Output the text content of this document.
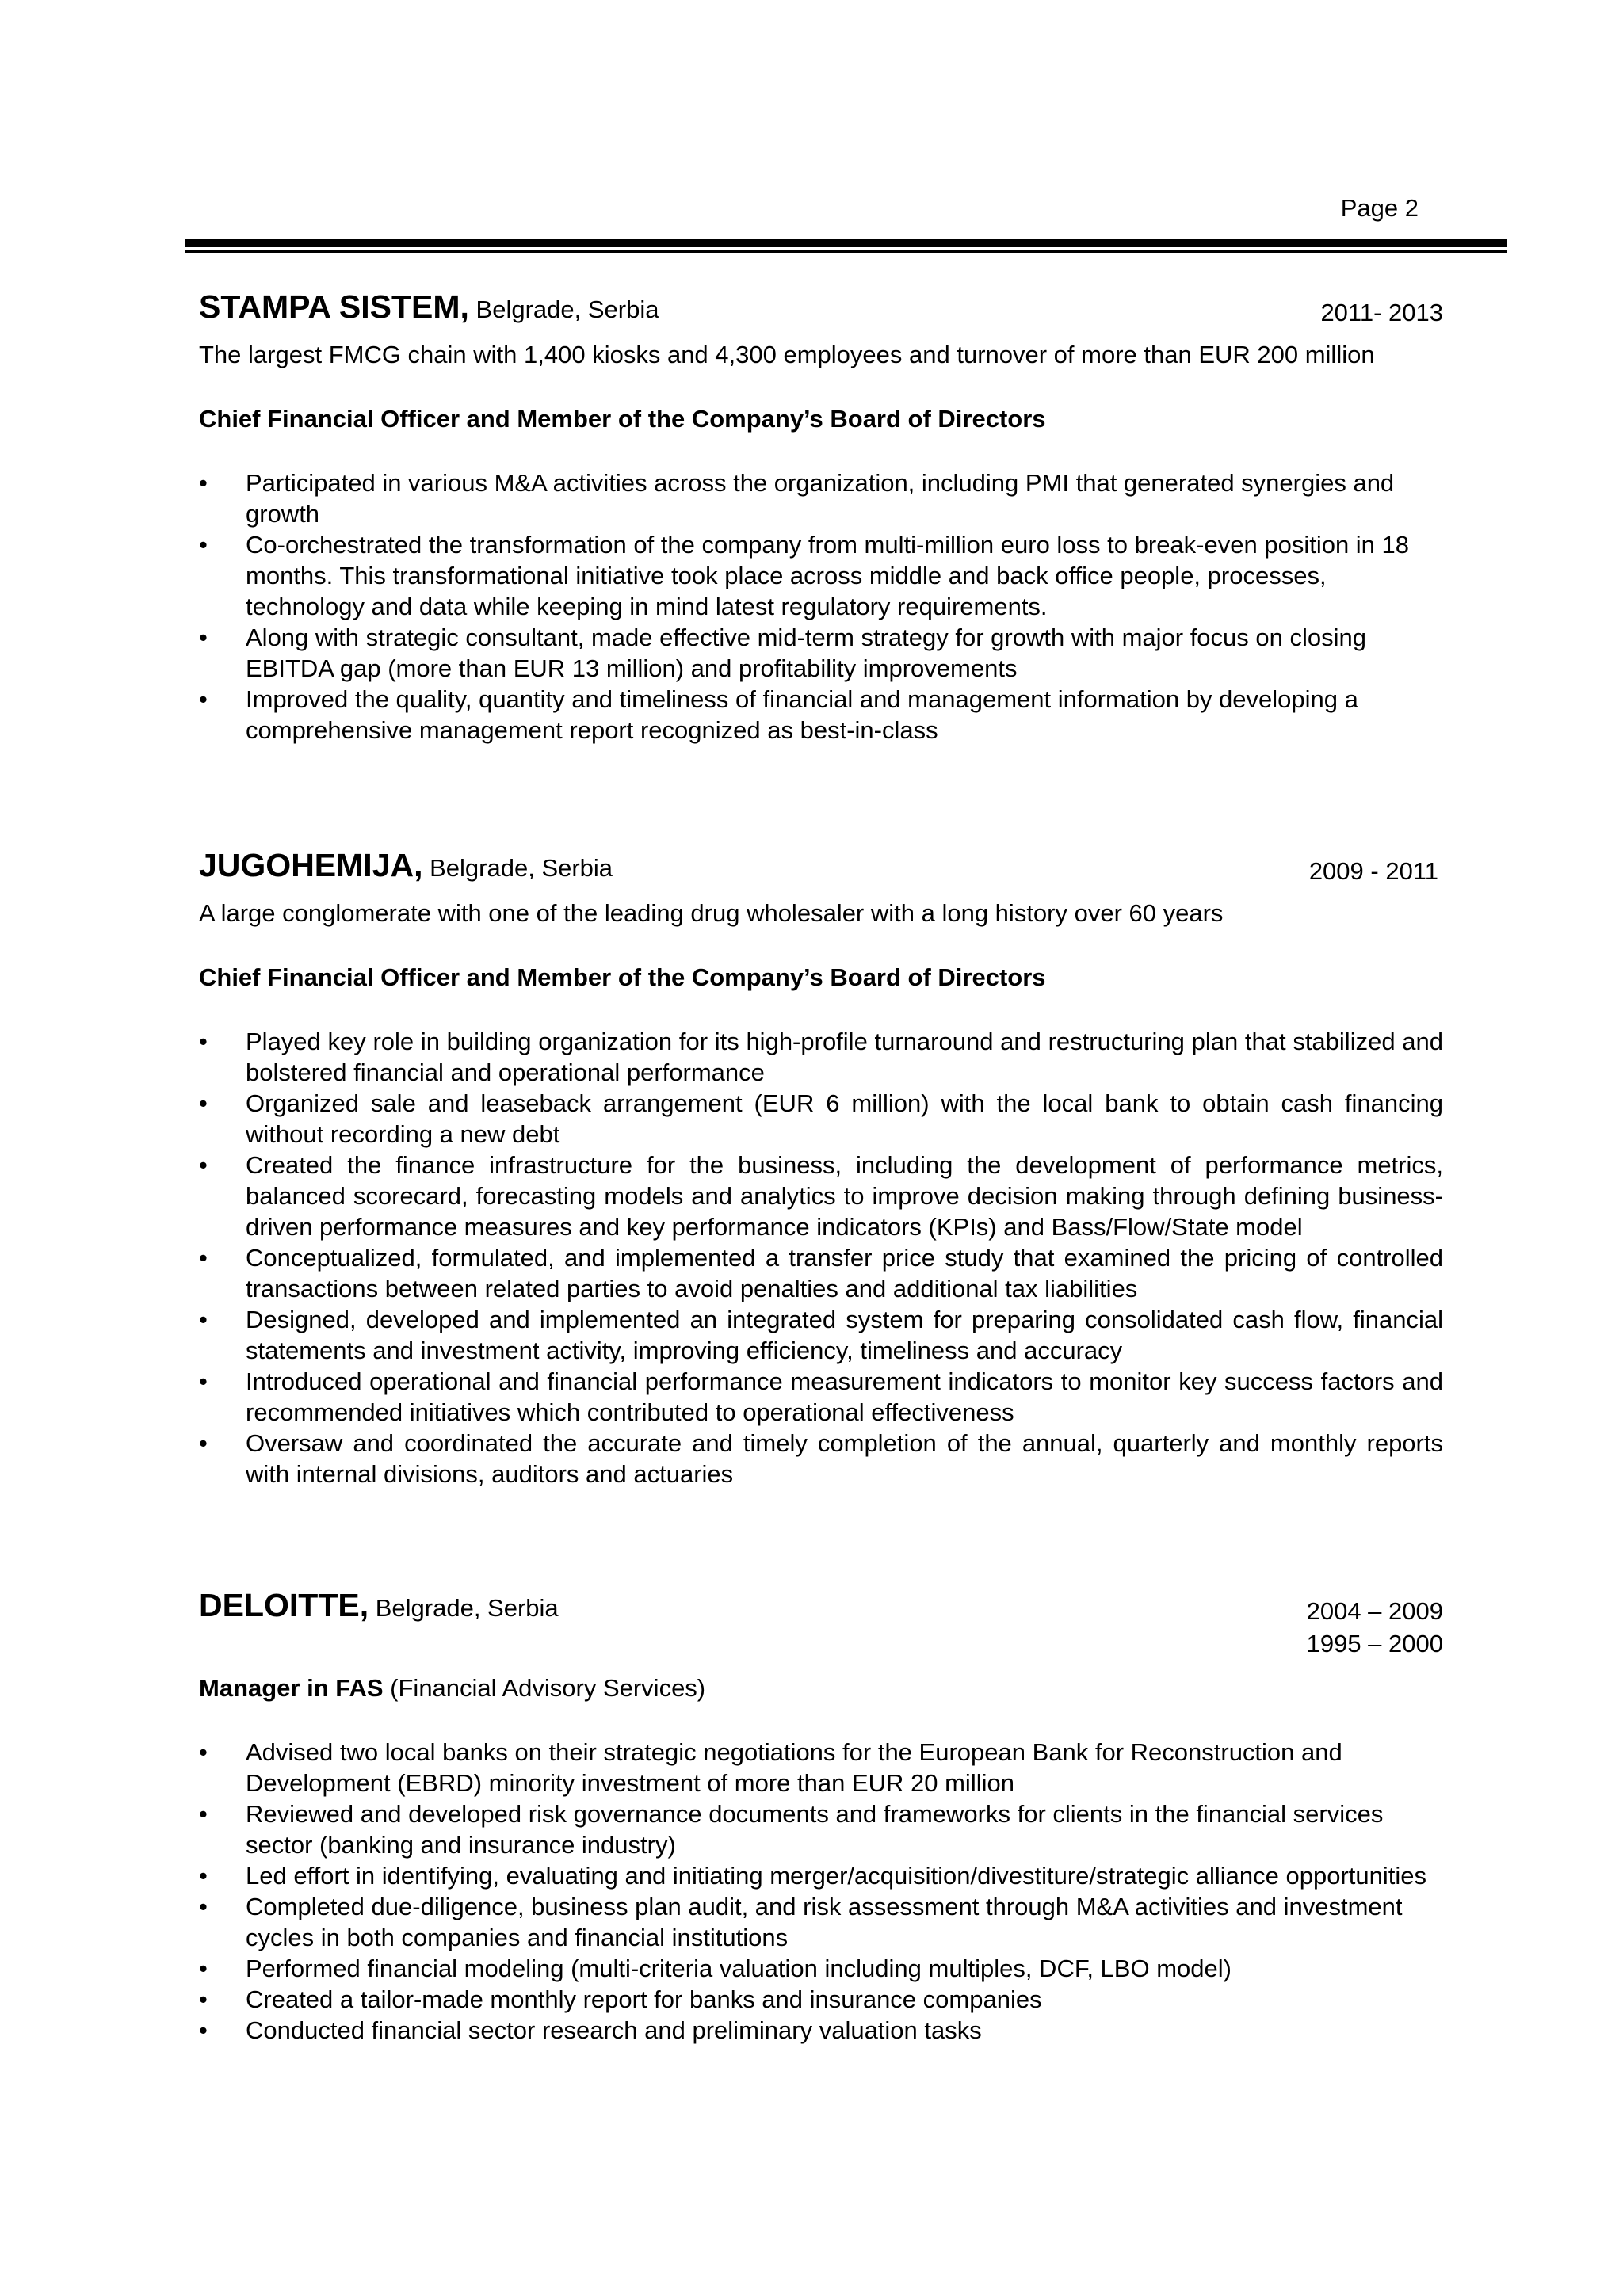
Page 2
STAMPA SISTEM, Belgrade, Serbia	2011- 2013
The largest FMCG chain with 1,400 kiosks and 4,300 employees and turnover of more than EUR 200 million
Chief Financial Officer and Member of the Company’s Board of Directors
• Participated in various M&A activities across the organization, including PMI that generated synergies and growth
• Co-orchestrated the transformation of the company from multi-million euro loss to break-even position in 18 months. This transformational initiative took place across middle and back office people, processes, technology and data while keeping in mind latest regulatory requirements.
• Along with strategic consultant, made effective mid-term strategy for growth with major focus on closing EBITDA gap (more than EUR 13 million) and profitability improvements
• Improved the quality, quantity and timeliness of financial and management information by developing a comprehensive management report recognized as best-in-class
JUGOHEMIJA, Belgrade, Serbia	2009 - 2011
A large conglomerate with one of the leading drug wholesaler with a long history over 60 years
Chief Financial Officer and Member of the Company’s Board of Directors
• Played key role in building organization for its high-profile turnaround and restructuring plan that stabilized and bolstered financial and operational performance
• Organized sale and leaseback arrangement (EUR 6 million) with the local bank to obtain cash financing without recording a new debt
• Created the finance infrastructure for the business, including the development of performance metrics, balanced scorecard, forecasting models and analytics to improve decision making through defining business-driven performance measures and key performance indicators (KPIs) and Bass/Flow/State model
• Conceptualized, formulated, and implemented a transfer price study that examined the pricing of controlled transactions between related parties to avoid penalties and additional tax liabilities
• Designed, developed and implemented an integrated system for preparing consolidated cash flow, financial statements and investment activity, improving efficiency, timeliness and accuracy
• Introduced operational and financial performance measurement indicators to monitor key success factors and recommended initiatives which contributed to operational effectiveness
• Oversaw and coordinated the accurate and timely completion of the annual, quarterly and monthly reports with internal divisions, auditors and actuaries
DELOITTE, Belgrade, Serbia	2004 – 2009
1995 – 2000
Manager in FAS (Financial Advisory Services)
• Advised two local banks on their strategic negotiations for the European Bank for Reconstruction and Development (EBRD) minority investment of more than EUR 20 million
• Reviewed and developed risk governance documents and frameworks for clients in the financial services sector (banking and insurance industry)
• Led effort in identifying, evaluating and initiating merger/acquisition/divestiture/strategic alliance opportunities
• Completed due-diligence, business plan audit, and risk assessment through M&A activities and investment cycles in both companies and financial institutions
• Performed financial modeling (multi-criteria valuation including multiples, DCF, LBO model)
• Created a tailor-made monthly report for banks and insurance companies
• Conducted financial sector research and preliminary valuation tasks
